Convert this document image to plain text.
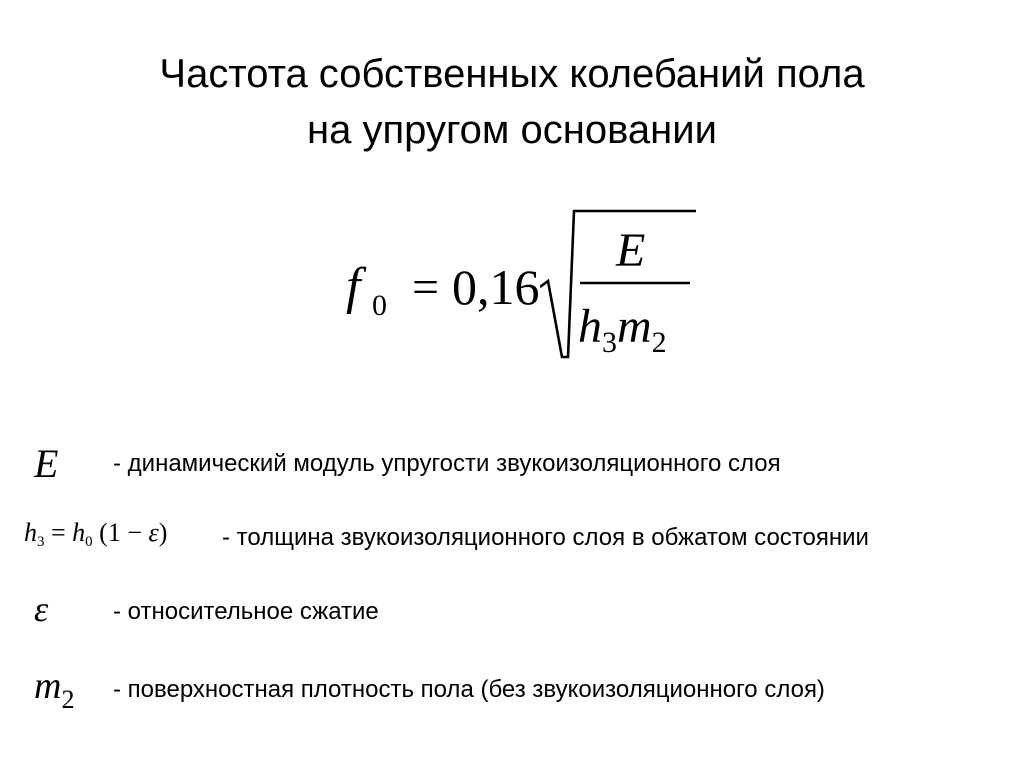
Частота собственных колебаний пола
на упругом основании
f 0 = 0,16
E
$h_3m_2$
E - динамический модуль упругости звукоизоляционного слоя
$h_3 = h_0$ (1 − ε) - толщина звукоизоляционного слоя в обжатом состоянии
ε	- относительное сжатие
$m_2$ - поверхностная плотность пола (без звукоизоляционного слоя)
